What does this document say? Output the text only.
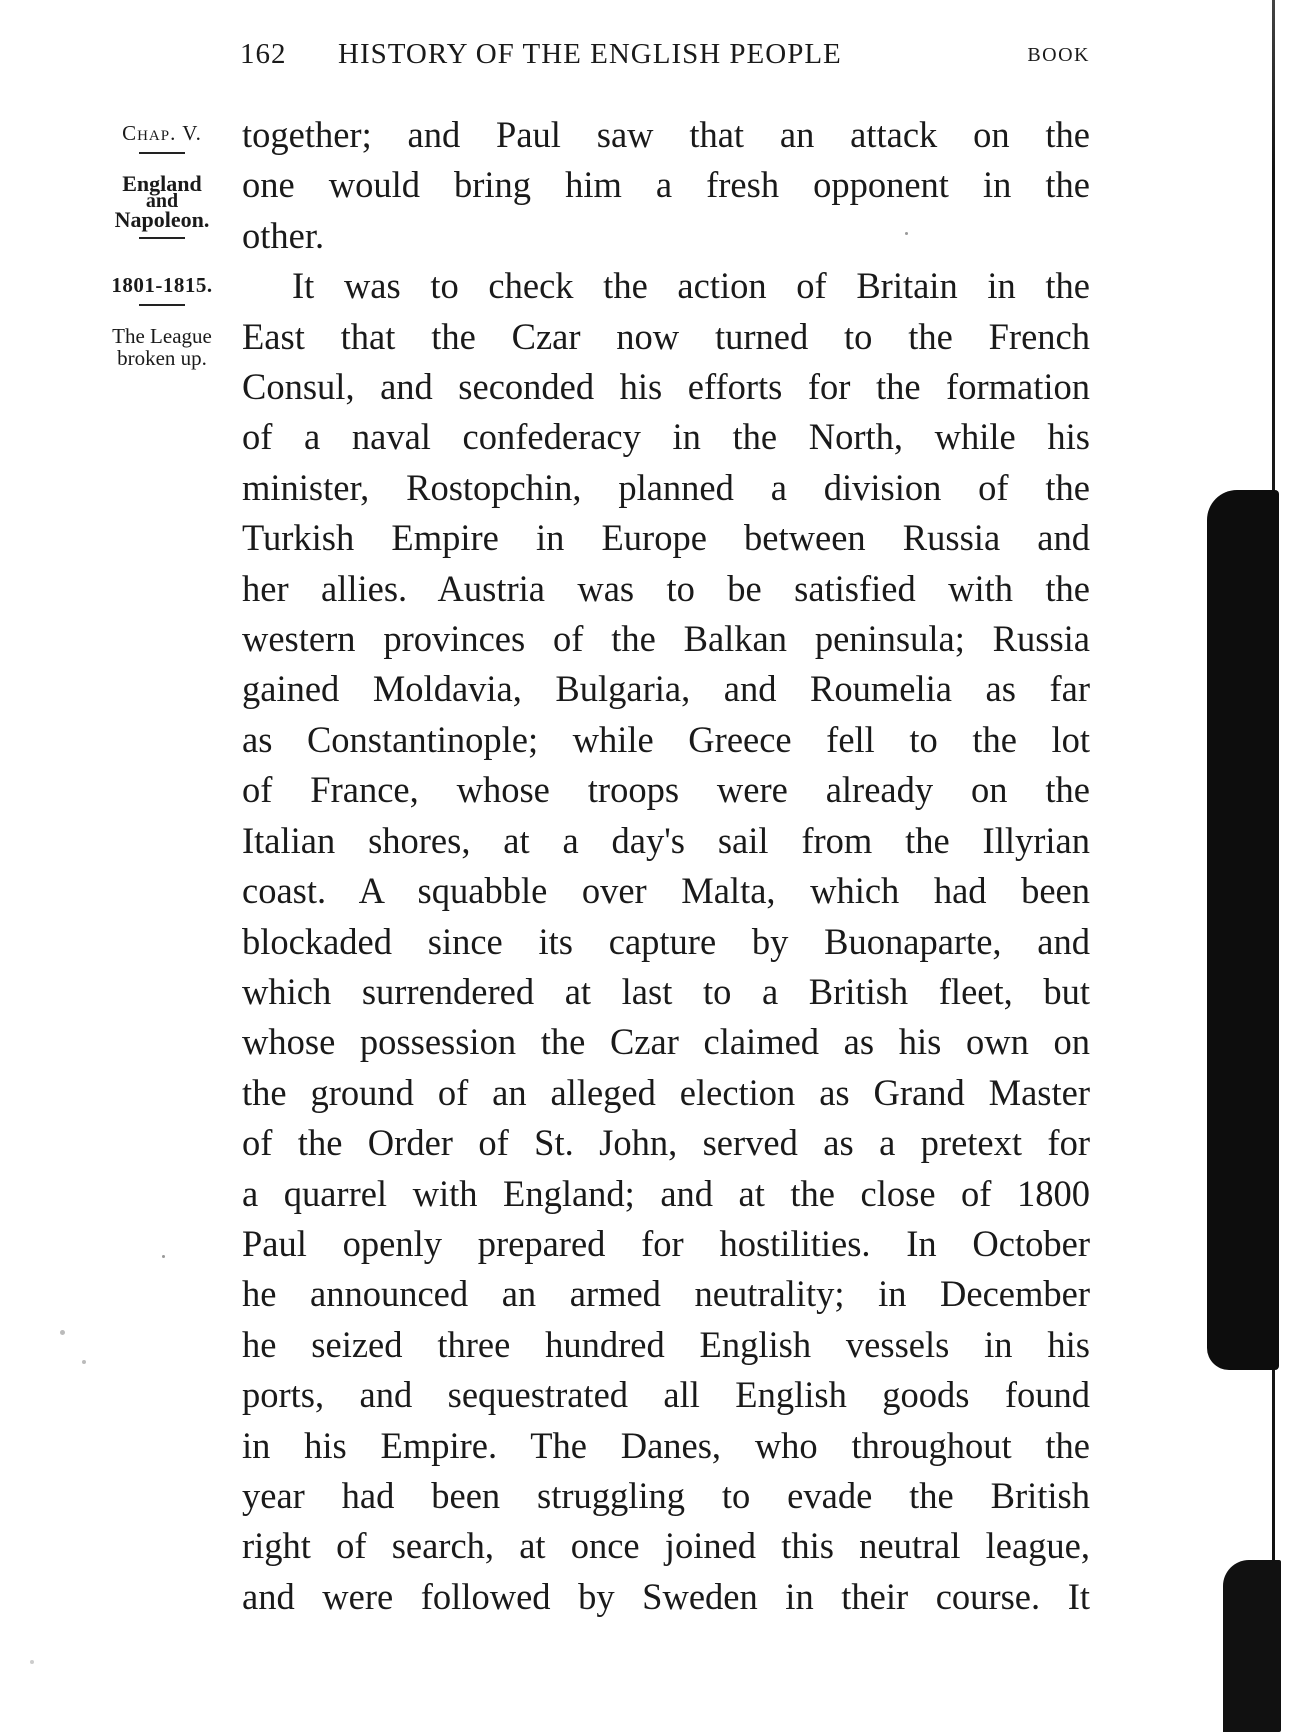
162 HISTORY OF THE ENGLISH PEOPLE	BOOK
Chap. V.
England
and
Napoleon.
1801-1815.
The League
broken up.
together; and Paul saw that an attack on the
one would bring him a fresh opponent in the
other.
It was to check the action of Britain in the
East that the Czar now turned to the French
Consul, and seconded his efforts for the formation
of a naval confederacy in the North, while his
minister, Rostopchin, planned a division of the
Turkish Empire in Europe between Russia and
her allies. Austria was to be satisfied with the
western provinces of the Balkan peninsula; Russia
gained Moldavia, Bulgaria, and Roumelia as far
as Constantinople; while Greece fell to the lot
of France, whose troops were already on the
Italian shores, at a day's sail from the Illyrian
coast. A squabble over Malta, which had been
blockaded since its capture by Buonaparte, and
which surrendered at last to a British fleet, but
whose possession the Czar claimed as his own on
the ground of an alleged election as Grand Master
of the Order of St. John, served as a pretext for
a quarrel with England; and at the close of 1800
Paul openly prepared for hostilities. In October
he announced an armed neutrality; in December
he seized three hundred English vessels in his
ports, and sequestrated all English goods found
in his Empire. The Danes, who throughout the
year had been struggling to evade the British
right of search, at once joined this neutral league,
and were followed by Sweden in their course. It
